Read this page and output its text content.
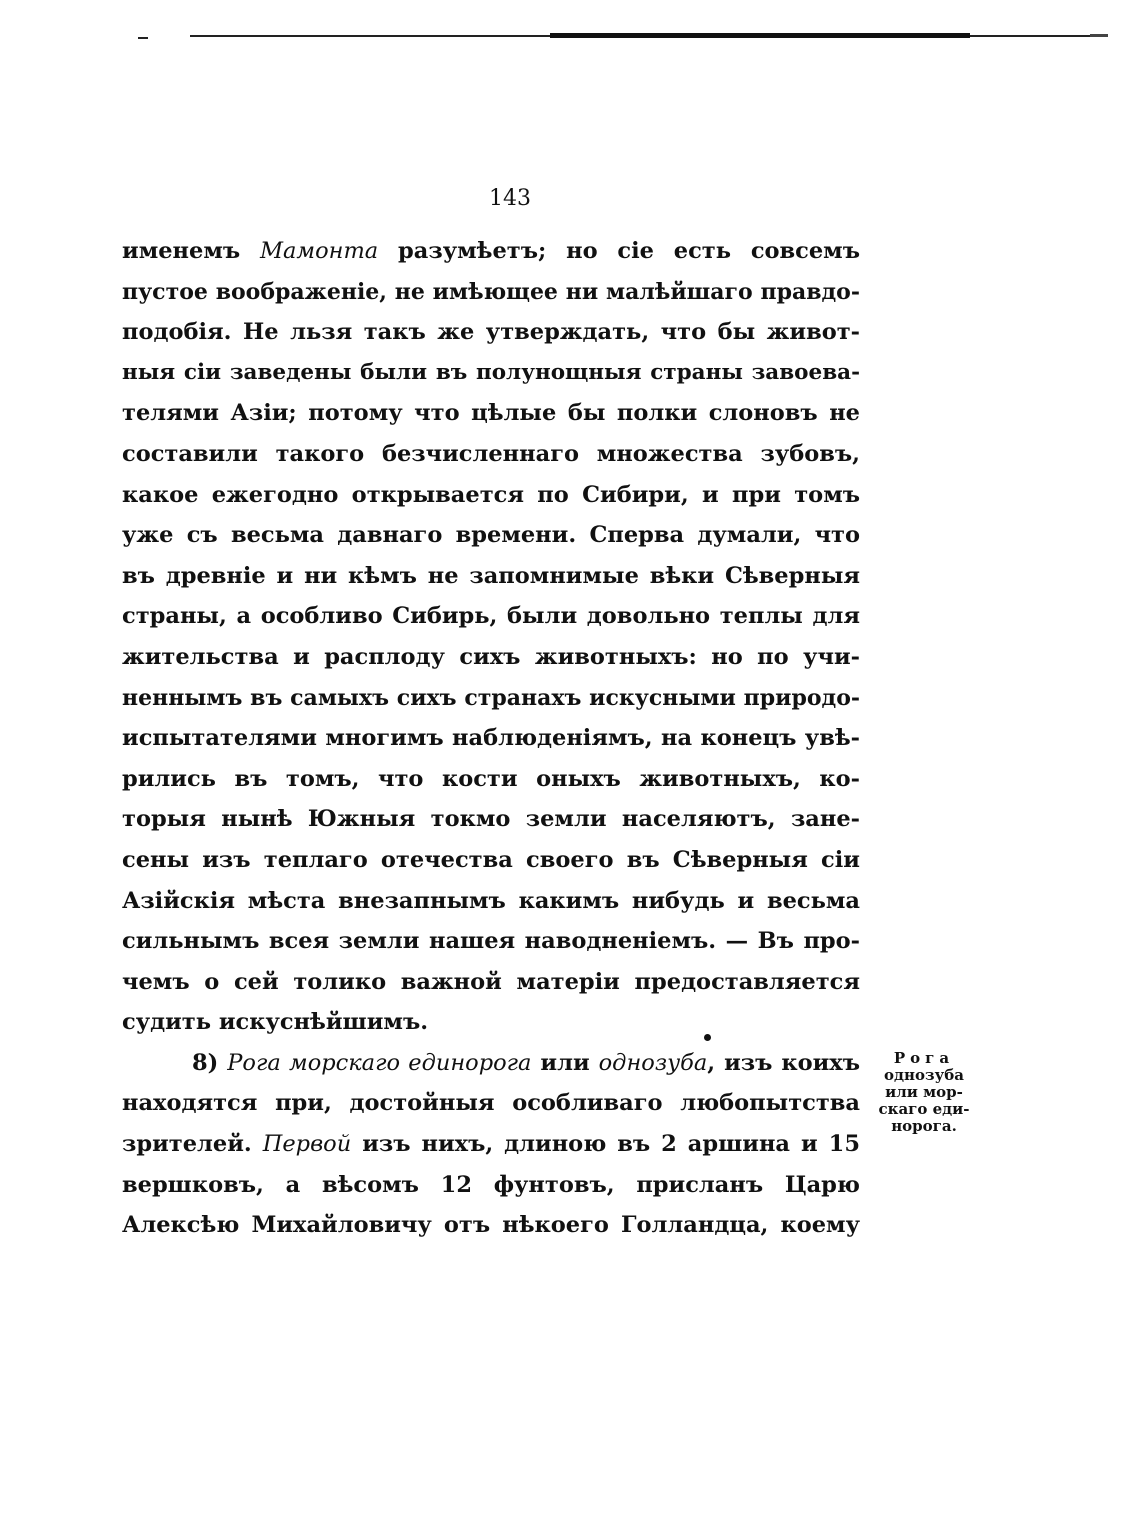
143
именемъ Мамонта разумѣетъ; но сіе есть совсемъ
пустое воображеніе, не имѣющее ни малѣйшаго правдо-
подобія. Не льзя такъ же утверждать, что бы живот-
ныя сіи заведены были въ полунощныя страны завоева-
телями Азіи; потому что цѣлые бы полки слоновъ не
составили такого безчисленнаго множества зубовъ,
какое ежегодно открывается по Сибири, и при томъ
уже съ весьма давнаго времени. Сперва думали, что
въ древніе и ни кѣмъ не запомнимые вѣки Сѣверныя
страны, а особливо Сибирь, были довольно теплы для
жительства и расплоду сихъ животныхъ: но по учи-
неннымъ въ самыхъ сихъ странахъ искусными природо-
испытателями многимъ наблюденіямъ, на конецъ увѣ-
рились въ томъ, что кости оныхъ животныхъ, ко-
торыя нынѣ Южныя токмо земли населяютъ, зане-
сены изъ теплаго отечества своего въ Сѣверныя сіи
Азійскія мѣста внезапнымъ какимъ нибудь и весьма
сильнымъ всея земли нашея наводненіемъ. — Въ про-
чемъ о сей толико важной матеріи предоставляется
судить искуснѣйшимъ.
8) Рога морскаго единорога или однозуба, изъ коихъ
находятся при, достойныя особливаго любопытства
зрителей. Первой изъ нихъ, длиною въ 2 аршина и 15
вершковъ, а вѣсомъ 12 фунтовъ, присланъ Царю
Алексѣю Михайловичу отъ нѣкоего Голландца, коему
Рога
однозуба
или мор-
скаго еди-
норога.
